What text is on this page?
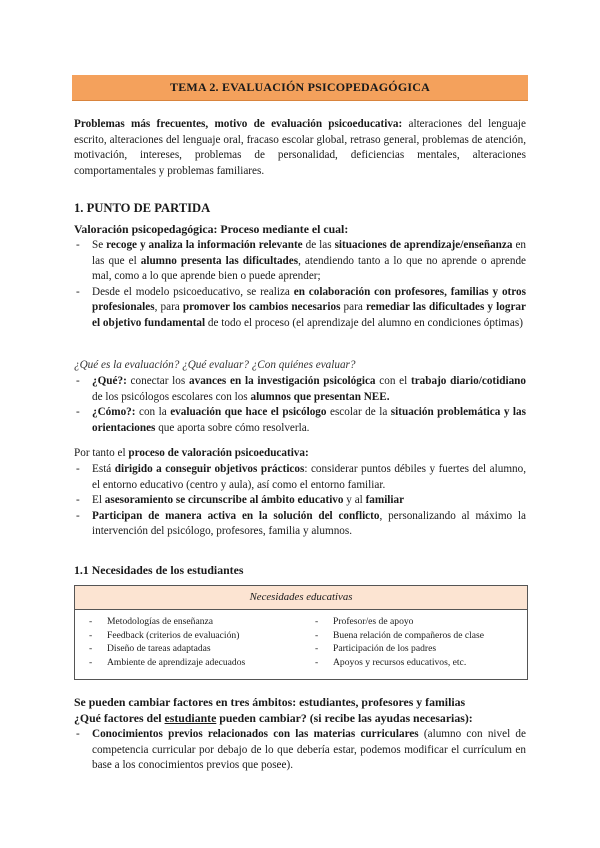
TEMA 2. EVALUACIÓN PSICOPEDAGÓGICA
Problemas más frecuentes, motivo de evaluación psicoeducativa: alteraciones del lenguaje escrito, alteraciones del lenguaje oral, fracaso escolar global, retraso general, problemas de atención, motivación, intereses, problemas de personalidad, deficiencias mentales, alteraciones comportamentales y problemas familiares.
1. PUNTO DE PARTIDA
Valoración psicopedagógica: Proceso mediante el cual:
- Se recoge y analiza la información relevante de las situaciones de aprendizaje/enseñanza en las que el alumno presenta las dificultades, atendiendo tanto a lo que no aprende o aprende mal, como a lo que aprende bien o puede aprender;
- Desde el modelo psicoeducativo, se realiza en colaboración con profesores, familias y otros profesionales, para promover los cambios necesarios para remediar las dificultades y lograr el objetivo fundamental de todo el proceso (el aprendizaje del alumno en condiciones óptimas)
¿Qué es la evaluación? ¿Qué evaluar? ¿Con quiénes evaluar?
- ¿Qué?: conectar los avances en la investigación psicológica con el trabajo diario/cotidiano de los psicólogos escolares con los alumnos que presentan NEE.
- ¿Cómo?: con la evaluación que hace el psicólogo escolar de la situación problemática y las orientaciones que aporta sobre cómo resolverla.
Por tanto el proceso de valoración psicoeducativa:
- Está dirigido a conseguir objetivos prácticos: considerar puntos débiles y fuertes del alumno, el entorno educativo (centro y aula), así como el entorno familiar.
- El asesoramiento se circunscribe al ámbito educativo y al familiar
- Participan de manera activa en la solución del conflicto, personalizando al máximo la intervención del psicólogo, profesores, familia y alumnos.
1.1 Necesidades de los estudiantes
Necesidades educativas
- Metodologías de enseñanza
- Feedback (criterios de evaluación)
- Diseño de tareas adaptadas
- Ambiente de aprendizaje adecuados
- Profesor/es de apoyo
- Buena relación de compañeros de clase
- Participación de los padres
- Apoyos y recursos educativos, etc.
Se pueden cambiar factores en tres ámbitos: estudiantes, profesores y familias
¿Qué factores del estudiante pueden cambiar? (si recibe las ayudas necesarias):
- Conocimientos previos relacionados con las materias curriculares (alumno con nivel de competencia curricular por debajo de lo que debería estar, podemos modificar el currículum en base a los conocimientos previos que posee).
